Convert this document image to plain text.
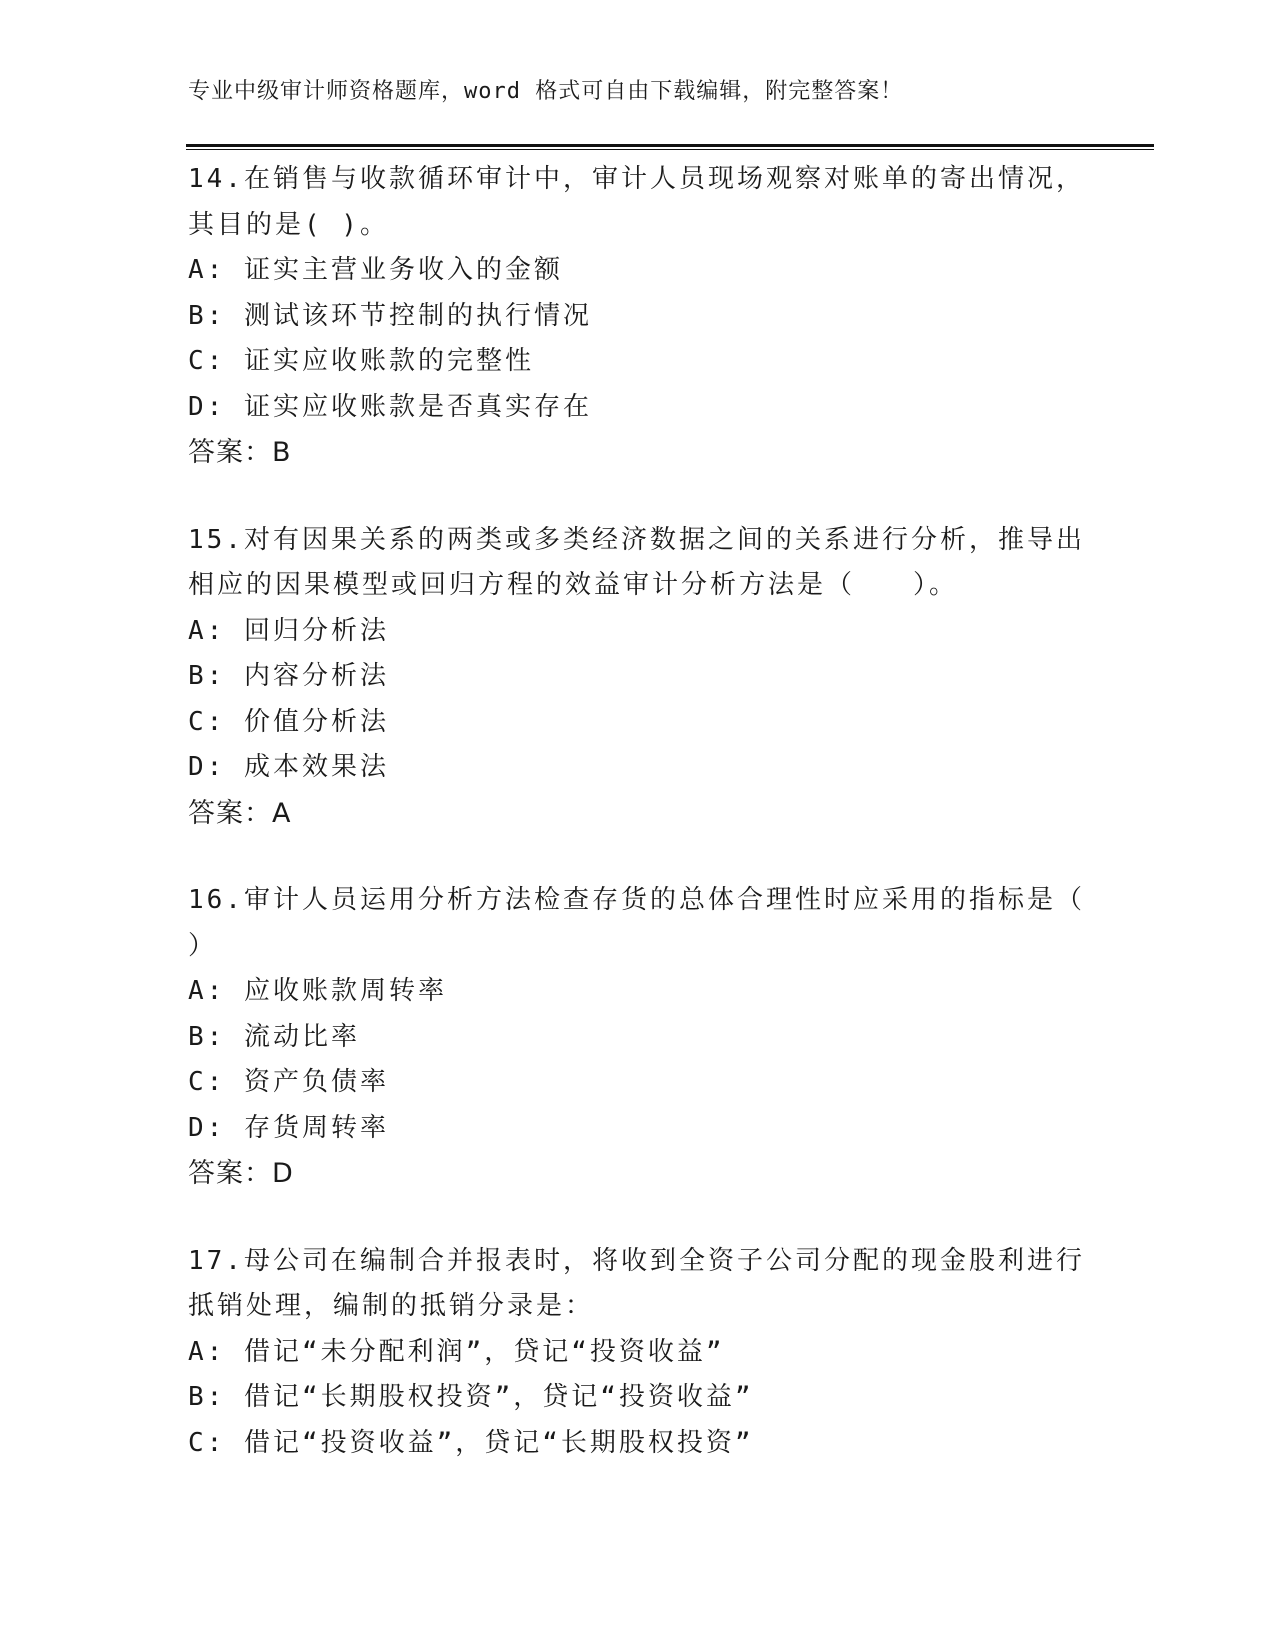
专业中级审计师资格题库，word 格式可自由下载编辑，附完整答案！
14.在销售与收款循环审计中，审计人员现场观察对账单的寄出情况，
其目的是( )。
A: 证实主营业务收入的金额
B: 测试该环节控制的执行情况
C: 证实应收账款的完整性
D: 证实应收账款是否真实存在
答案：B
15.对有因果关系的两类或多类经济数据之间的关系进行分析，推导出
相应的因果模型或回归方程的效益审计分析方法是（　　）。
A: 回归分析法
B: 内容分析法
C: 价值分析法
D: 成本效果法
答案：A
16.审计人员运用分析方法检查存货的总体合理性时应采用的指标是（
）
A: 应收账款周转率
B: 流动比率
C: 资产负债率
D: 存货周转率
答案：D
17.母公司在编制合并报表时，将收到全资子公司分配的现金股利进行
抵销处理，编制的抵销分录是：
A: 借记“未分配利润”，贷记“投资收益”
B: 借记“长期股权投资”，贷记“投资收益”
C: 借记“投资收益”，贷记“长期股权投资”
